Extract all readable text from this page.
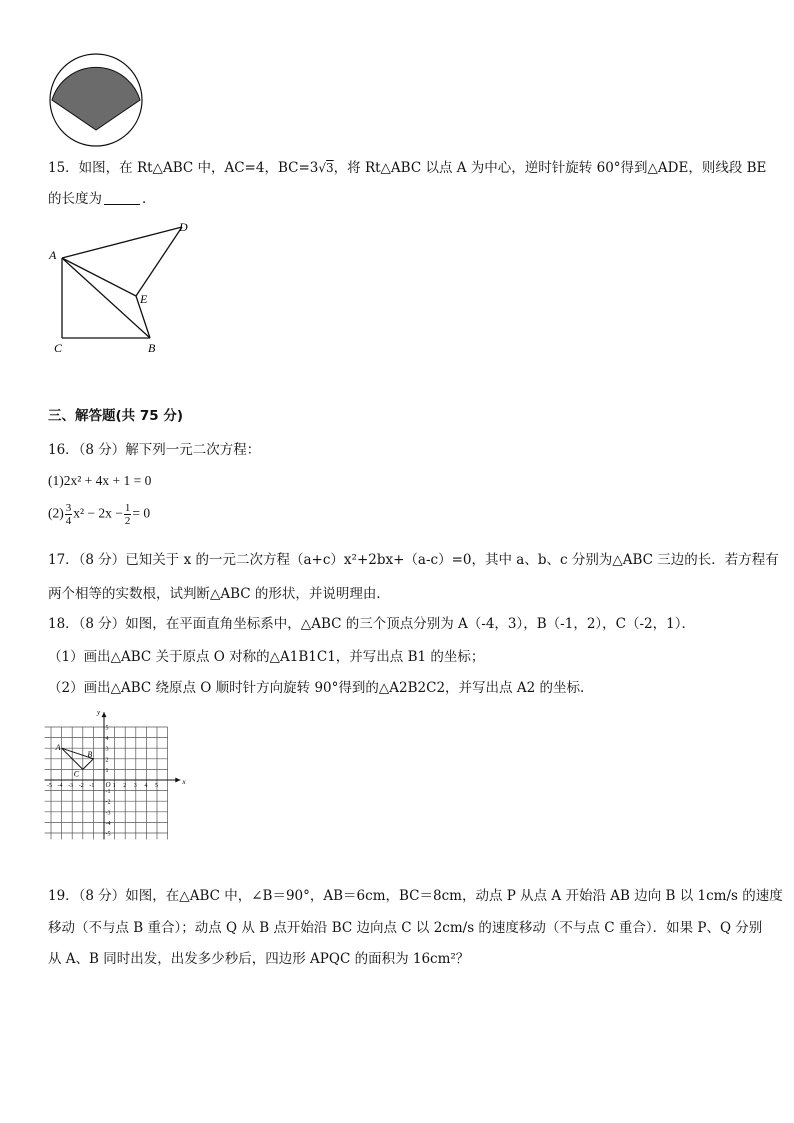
15．如图，在 Rt△ABC 中，AC=4，BC=3√3，将 Rt△ABC 以点 A 为中心，逆时针旋转 60°得到△ADE，则线段 BE
的长度为	．
A
C	B
D
E
三、解答题(共 75 分)
16．（8 分）解下列一元二次方程：
(1)2x² + 4x + 1 = 0
$(2) \frac{3}{4} x^2 - 2x - \frac{1}{2} = 0$
17．（8 分）已知关于 x 的一元二次方程（a+c）x²+2bx+（a-c）=0，其中 a、b、c 分别为△ABC 三边的长．若方程有
两个相等的实数根，试判断△ABC 的形状，并说明理由．
18．（8 分）如图，在平面直角坐标系中，△ABC 的三个顶点分别为 A（-4，3），B（-1，2），C（-2，1）．
（1）画出△ABC 关于原点 O 对称的△A1B1C1，并写出点 B1 的坐标；
（2）画出△ABC 绕原点 O 顺时针方向旋转 90°得到的△A2B2C2，并写出点 A2 的坐标.
x
y
O
-5 -4 -3 -2 -1	1 2 3 4 5
5
4
3
2
1
-1
-2
-3
-4
-5
A
B
C
19．（8 分）如图，在△ABC 中，∠B＝90°，AB＝6cm，BC＝8cm，动点 P 从点 A 开始沿 AB 边向 B 以 1cm/s 的速度
移动（不与点 B 重合）；动点 Q 从 B 点开始沿 BC 边向点 C 以 2cm/s 的速度移动（不与点 C 重合）．如果 P、Q 分别
从 A、B 同时出发，出发多少秒后，四边形 APQC 的面积为 16cm²？
